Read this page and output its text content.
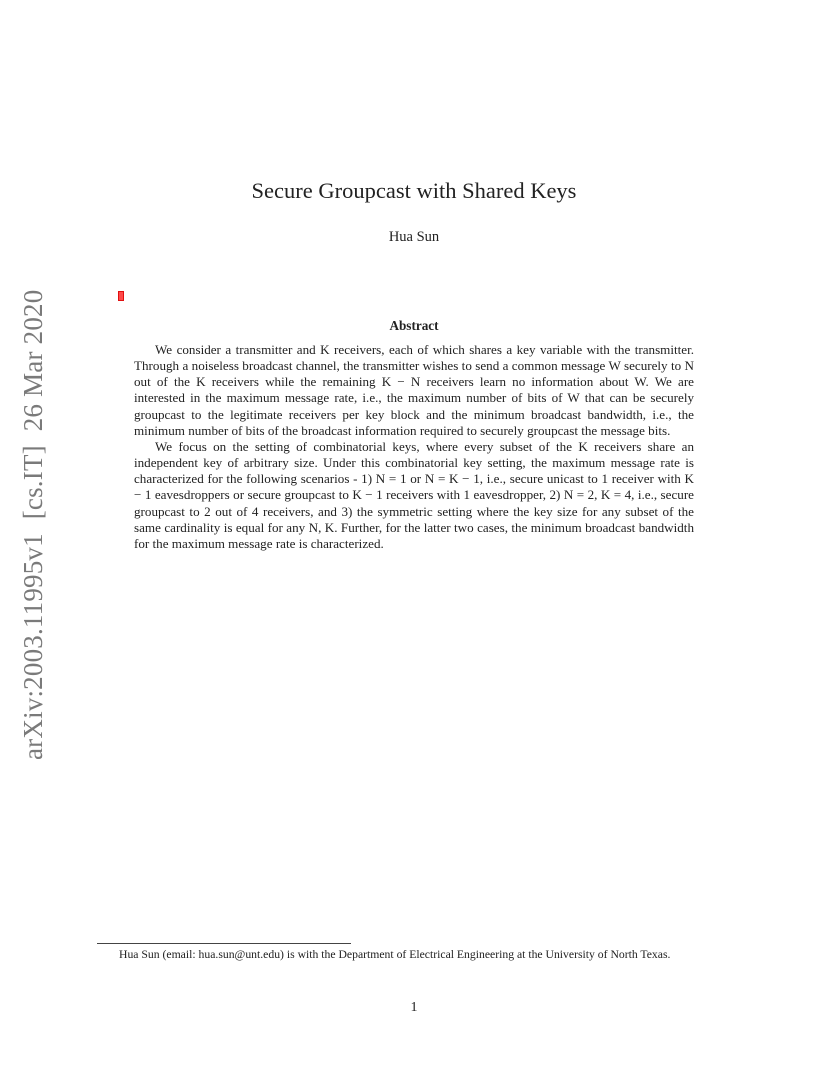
arXiv:2003.11995v1  [cs.IT]  26 Mar 2020
Secure Groupcast with Shared Keys
Hua Sun
Abstract

We consider a transmitter and K receivers, each of which shares a key variable with the transmitter. Through a noiseless broadcast channel, the transmitter wishes to send a common message W securely to N out of the K receivers while the remaining K − N receivers learn no information about W. We are interested in the maximum message rate, i.e., the maximum number of bits of W that can be securely groupcast to the legitimate receivers per key block and the minimum broadcast bandwidth, i.e., the minimum number of bits of the broadcast information required to securely groupcast the message bits.

We focus on the setting of combinatorial keys, where every subset of the K receivers share an independent key of arbitrary size. Under this combinatorial key setting, the maximum message rate is characterized for the following scenarios - 1) N = 1 or N = K − 1, i.e., secure unicast to 1 receiver with K − 1 eavesdroppers or secure groupcast to K − 1 receivers with 1 eavesdropper, 2) N = 2, K = 4, i.e., secure groupcast to 2 out of 4 receivers, and 3) the symmetric setting where the key size for any subset of the same cardinality is equal for any N, K. Further, for the latter two cases, the minimum broadcast bandwidth for the maximum message rate is characterized.

Hua Sun (email: hua.sun@unt.edu) is with the Department of Electrical Engineering at the University of North Texas.
1
